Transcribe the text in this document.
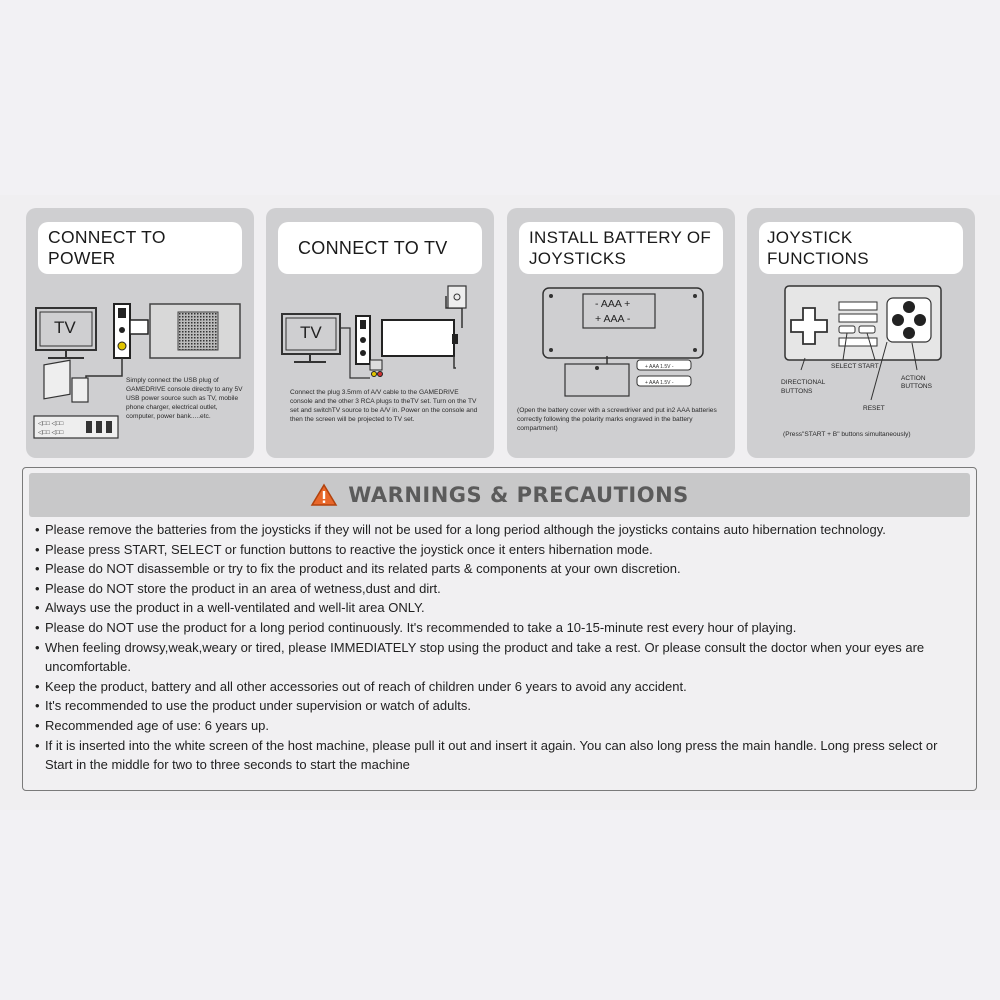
CONNECT TO POWER
TV
◁□□ ◁□□
◁□□ ◁□□
Simply connect the USB plug of GAMEDRIVE console directly to any 5V USB power source such as TV, mobile phone charger, electrical outlet, computer, power bank.....etc.
CONNECT TO TV
TV
Connect the plug 3.5mm of A/V cable to the GAMEDRIVE console and the other 3 RCA plugs to theTV set. Turn on the TV set and switchTV source to be A/V in. Power on the console and then the screen will be projected to TV set.
INSTALL BATTERY OF JOYSTICKS
- AAA +
+ AAA -
+ AAA 1.5V -
+ AAA 1.5V -
(Open the battery cover with a screwdriver and put in2 AAA batteries correctly following the polarity marks engraved in the battery compartment)
JOYSTICK FUNCTIONS
SELECT START
ACTION
BUTTONS
RESET
DIRECTIONAL BUTTONS
(Press"START + B" buttons simultaneously)
WARNINGS & PRECAUTIONS
• Please remove the batteries from the joysticks if they will not be used for a long period although the joysticks contains auto hibernation technology.
• Please press START, SELECT or function buttons to reactive the joystick once it enters hibernation mode.
• Please do NOT disassemble or try to fix the product and its related parts & components at your own discretion.
• Please do NOT store the product in an area of wetness,dust and dirt.
• Always use the product in a well-ventilated and well-lit area ONLY.
• Please do NOT use the product for a long period continuously. It's recommended to take a 10-15-minute rest every hour of playing.
• When feeling drowsy,weak,weary or tired, please IMMEDIATELY stop using the product and take a rest. Or please consult the doctor when your eyes are uncomfortable.
• Keep the product, battery and all other accessories out of reach of children under 6 years to avoid any accident.
• It's recommended to use the product under supervision or watch of adults.
• Recommended age of use: 6 years up.
• If it is inserted into the white screen of the host machine, please pull it out and insert it again. You can also long press the main handle. Long press select or Start in the middle for two to three seconds to start the machine
